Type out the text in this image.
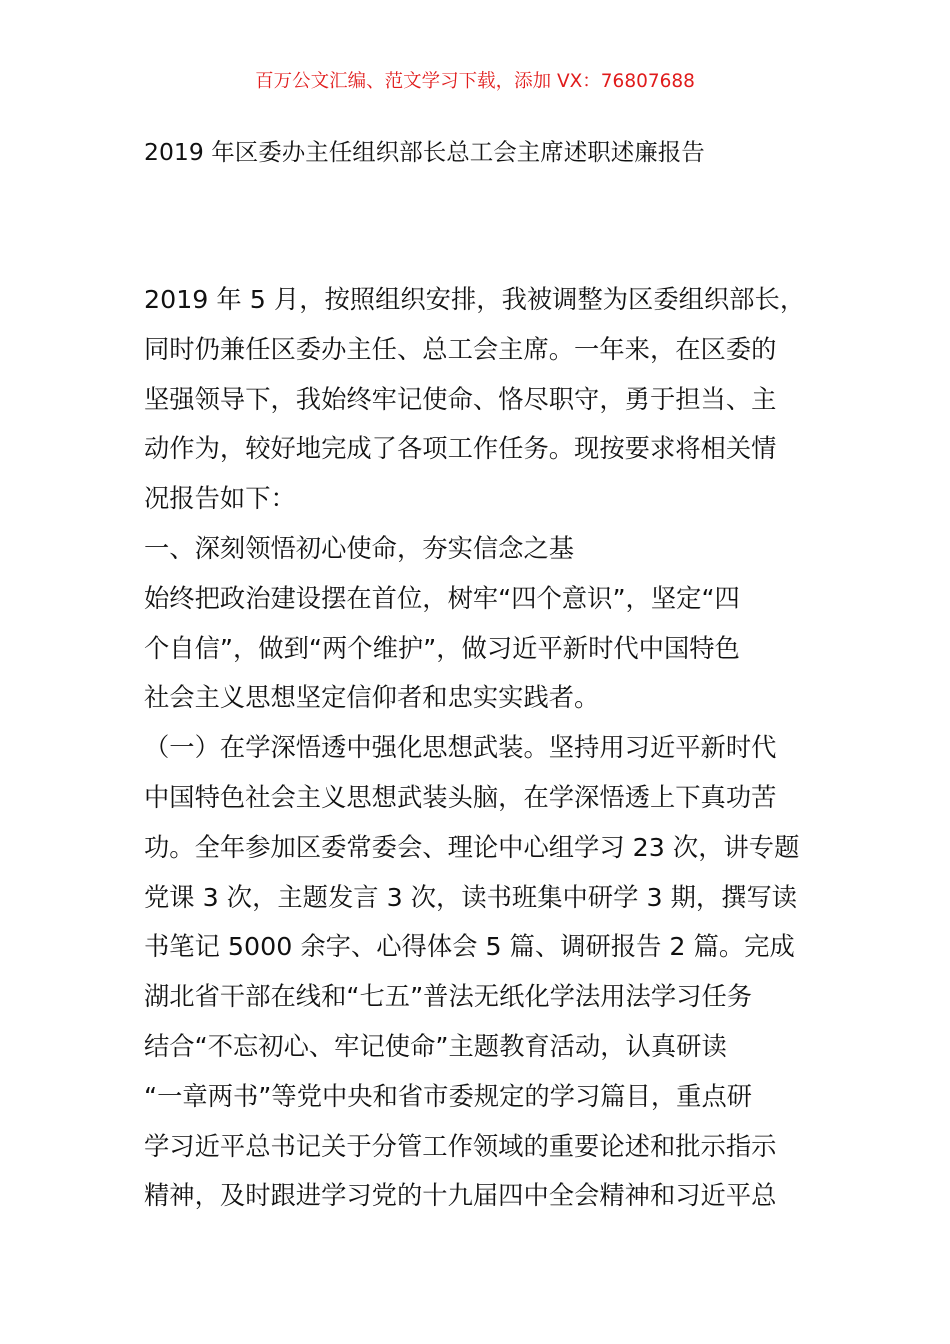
百万公文汇编、范文学习下载，添加 VX：76807688
2019 年区委办主任组织部长总工会主席述职述廉报告
2019 年 5 月，按照组织安排，我被调整为区委组织部长，
同时仍兼任区委办主任、总工会主席。一年来，在区委的
坚强领导下，我始终牢记使命、恪尽职守，勇于担当、主
动作为，较好地完成了各项工作任务。现按要求将相关情
况报告如下：
一、深刻领悟初心使命，夯实信念之基
始终把政治建设摆在首位，树牢“四个意识”，坚定“四
个自信”，做到“两个维护”，做习近平新时代中国特色
社会主义思想坚定信仰者和忠实实践者。
（一）在学深悟透中强化思想武装。坚持用习近平新时代
中国特色社会主义思想武装头脑，在学深悟透上下真功苦
功。全年参加区委常委会、理论中心组学习 23 次，讲专题
党课 3 次，主题发言 3 次，读书班集中研学 3 期，撰写读
书笔记 5000 余字、心得体会 5 篇、调研报告 2 篇。完成
湖北省干部在线和“七五”普法无纸化学法用法学习任务
结合“不忘初心、牢记使命”主题教育活动，认真研读
“一章两书”等党中央和省市委规定的学习篇目，重点研
学习近平总书记关于分管工作领域的重要论述和批示指示
精神，及时跟进学习党的十九届四中全会精神和习近平总
